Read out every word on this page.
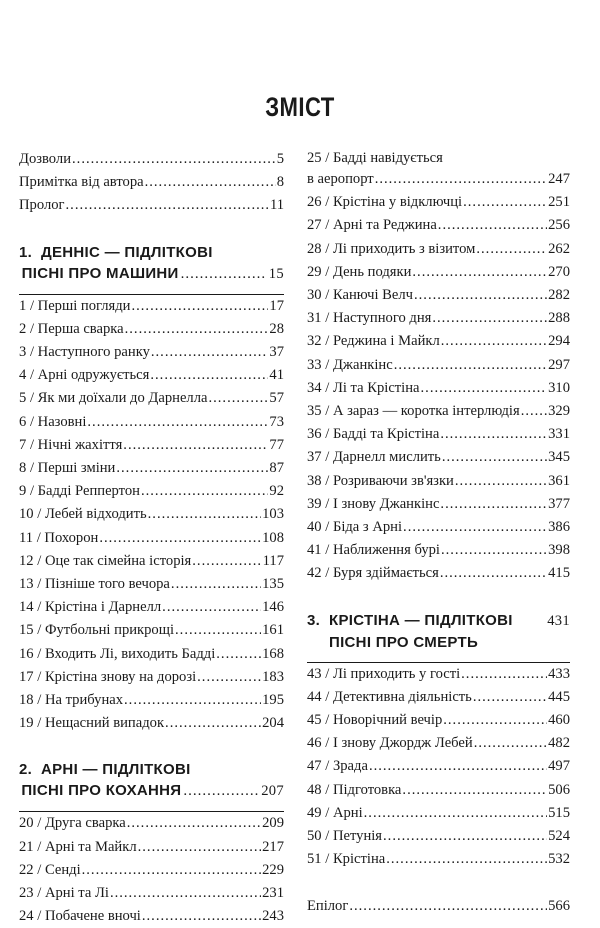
ЗМІСТ
Дозволи .....	5
Примітка від автора .....	8
Пролог .....	11
1. ДЕННІС — ПІДЛІТКОВІ
ПІСНІ ПРО МАШИНИ .....	15
1 / Перші погляди .....	17
2 / Перша сварка .....	28
3 / Наступного ранку .....	37
4 / Арні одружується .....	41
5 / Як ми доїхали до Дарнелла .....	57
6 / Назовні .....	73
7 / Нічні жахіття .....	77
8 / Перші зміни .....	87
9 / Бадді Реппертон .....	92
10 / Лебей відходить .....	103
11 / Похорон .....	108
12 / Оце так сімейна історія .....	117
13 / Пізніше того вечора .....	135
14 / Крістіна і Дарнелл .....	146
15 / Футбольні прикрощі .....	161
16 / Входить Лі, виходить Бадді .....	168
17 / Крістіна знову на дорозі .....	183
18 / На трибунах .....	195
19 / Нещасний випадок .....	204
2. АРНІ — ПІДЛІТКОВІ
ПІСНІ ПРО КОХАННЯ .....	207
20 / Друга сварка .....	209
21 / Арні та Майкл .....	217
22 / Сенді .....	229
23 / Арні та Лі .....	231
24 / Побачене вночі .....	243
25 / Бадді навідується
в аеропорт .....	247
26 / Крістіна у відключці .....	251
27 / Арні та Реджина .....	256
28 / Лі приходить з візитом .....	262
29 / День подяки .....	270
30 / Канючі Велч .....	282
31 / Наступного дня .....	288
32 / Реджина і Майкл .....	294
33 / Джанкінс .....	297
34 / Лі та Крістіна .....	310
35 / А зараз — коротка інтерлюдія ..... 329
36 / Бадді та Крістіна .....	331
37 / Дарнелл мислить .....	345
38 / Розриваючи зв'язки .....	361
39 / І знову Джанкінс .....	377
40 / Біда з Арні .....	386
41 / Наближення бурі .....	398
42 / Буря здіймається .....	415
3. КРІСТІНА — ПІДЛІТКОВІ 431
ПІСНІ ПРО СМЕРТЬ
43 / Лі приходить у гості .....	433
44 / Детективна діяльність .....	445
45 / Новорічний вечір .....	460
46 / І знову Джордж Лебей .....	482
47 / Зрада .....	497
48 / Підготовка .....	506
49 / Арні .....	515
50 / Петунія .....	524
51 / Крістіна .....	532
Епілог .....	566
